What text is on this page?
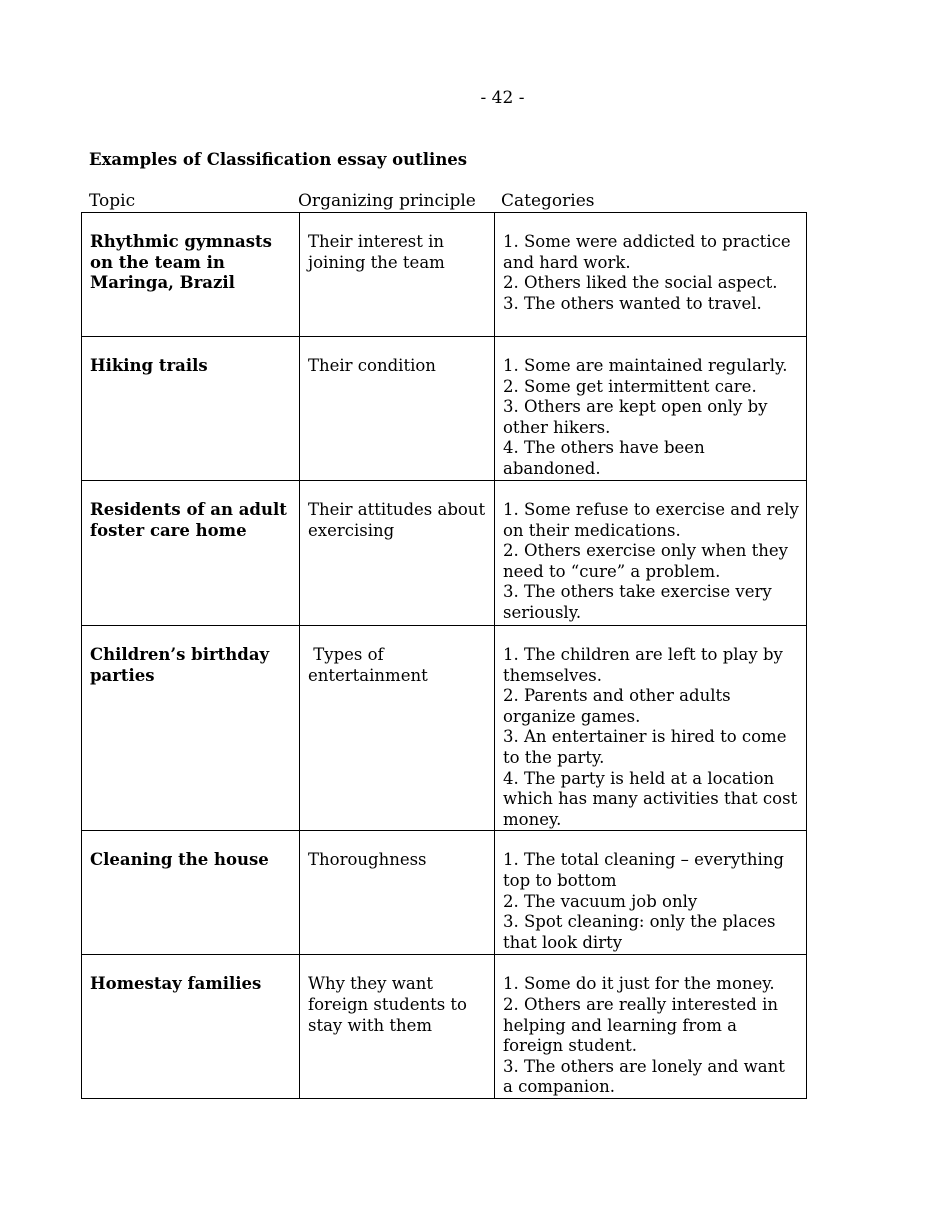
- 42 -
Examples of Classification essay outlines
Topic	Organizing principle Categories
Rhythmic gymnasts on the team in Maringa, Brazil	Their interest in joining the team	1. Some were addicted to practice and hard work.
2. Others liked the social aspect.
3. The others wanted to travel.

Hiking trails	Their condition	1. Some are maintained regularly.
2. Some get intermittent care.
3. Others are kept open only by other hikers.
4. The others have been abandoned.

Residents of an adult foster care home	Their attitudes about exercising	1. Some refuse to exercise and rely on their medications.
2. Others exercise only when they need to “cure” a problem.
3. The others take exercise very seriously.

Children’s birthday parties	Types of entertainment	1. The children are left to play by themselves.
2. Parents and other adults organize games.
3. An entertainer is hired to come to the party.
4. The party is held at a location which has many activities that cost money.

Cleaning the house	Thoroughness	1. The total cleaning – everything top to bottom
2. The vacuum job only
3. Spot cleaning: only the places that look dirty

Homestay families	Why they want foreign students to stay with them	1. Some do it just for the money.
2. Others are really interested in helping and learning from a foreign student.
3. The others are lonely and want a companion.
